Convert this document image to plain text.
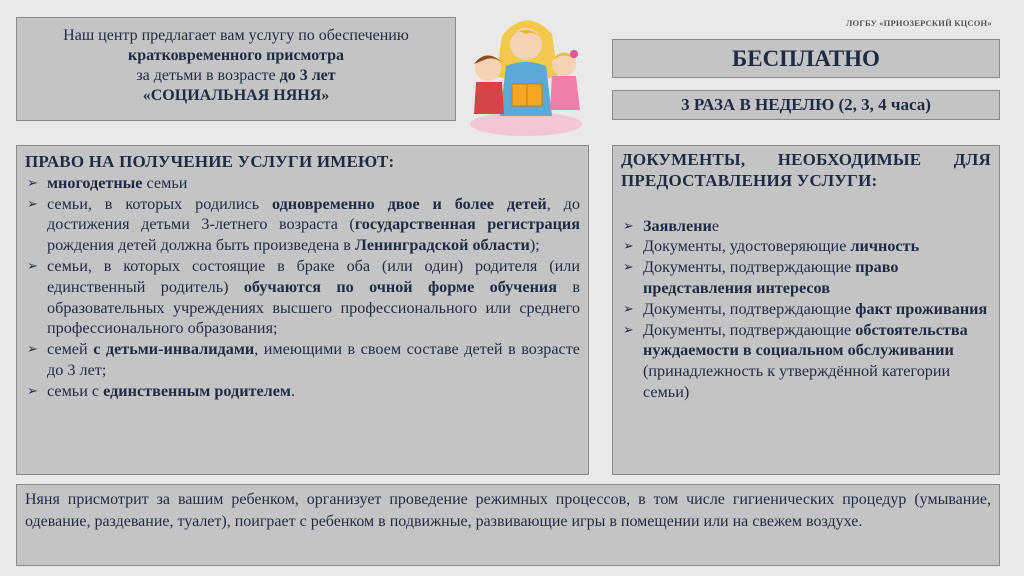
ЛОГБУ «ПРИОЗЕРСКИЙ КЦСОН»
Наш центр предлагает вам услугу по обеспечению
кратковременного присмотра
за детьми в возрасте до 3 лет
«СОЦИАЛЬНАЯ НЯНЯ»
БЕСПЛАТНО
3 РАЗА В НЕДЕЛЮ (2, 3, 4 часа)
ПРАВО НА ПОЛУЧЕНИЕ УСЛУГИ ИМЕЮТ:
➢ многодетные семьи
➢ семьи, в которых родились одновременно двое и более детей, до достижения детьми 3-летнего возраста (государственная регистрация рождения детей должна быть произведена в Ленинградской области);
➢ семьи, в которых состоящие в браке оба (или один) родителя (или единственный родитель) обучаются по очной форме обучения в образовательных учреждениях высшего профессионального или среднего профессионального образования;
➢ семей с детьми-инвалидами, имеющими в своем составе детей в возрасте до 3 лет;
➢ семьи с единственным родителем.
ДОКУМЕНТЫ, НЕОБХОДИМЫЕ ДЛЯ ПРЕДОСТАВЛЕНИЯ УСЛУГИ:
➢ Заявление
➢ Документы, удостоверяющие личность
➢ Документы, подтверждающие право представления интересов
➢ Документы, подтверждающие факт проживания
➢ Документы, подтверждающие обстоятельства нуждаемости в социальном обслуживании (принадлежность к утверждённой категории семьи)
Няня присмотрит за вашим ребенком, организует проведение режимных процессов, в том числе гигиенических процедур (умывание, одевание, раздевание, туалет), поиграет с ребенком в подвижные, развивающие игры в помещении или на свежем воздухе.
